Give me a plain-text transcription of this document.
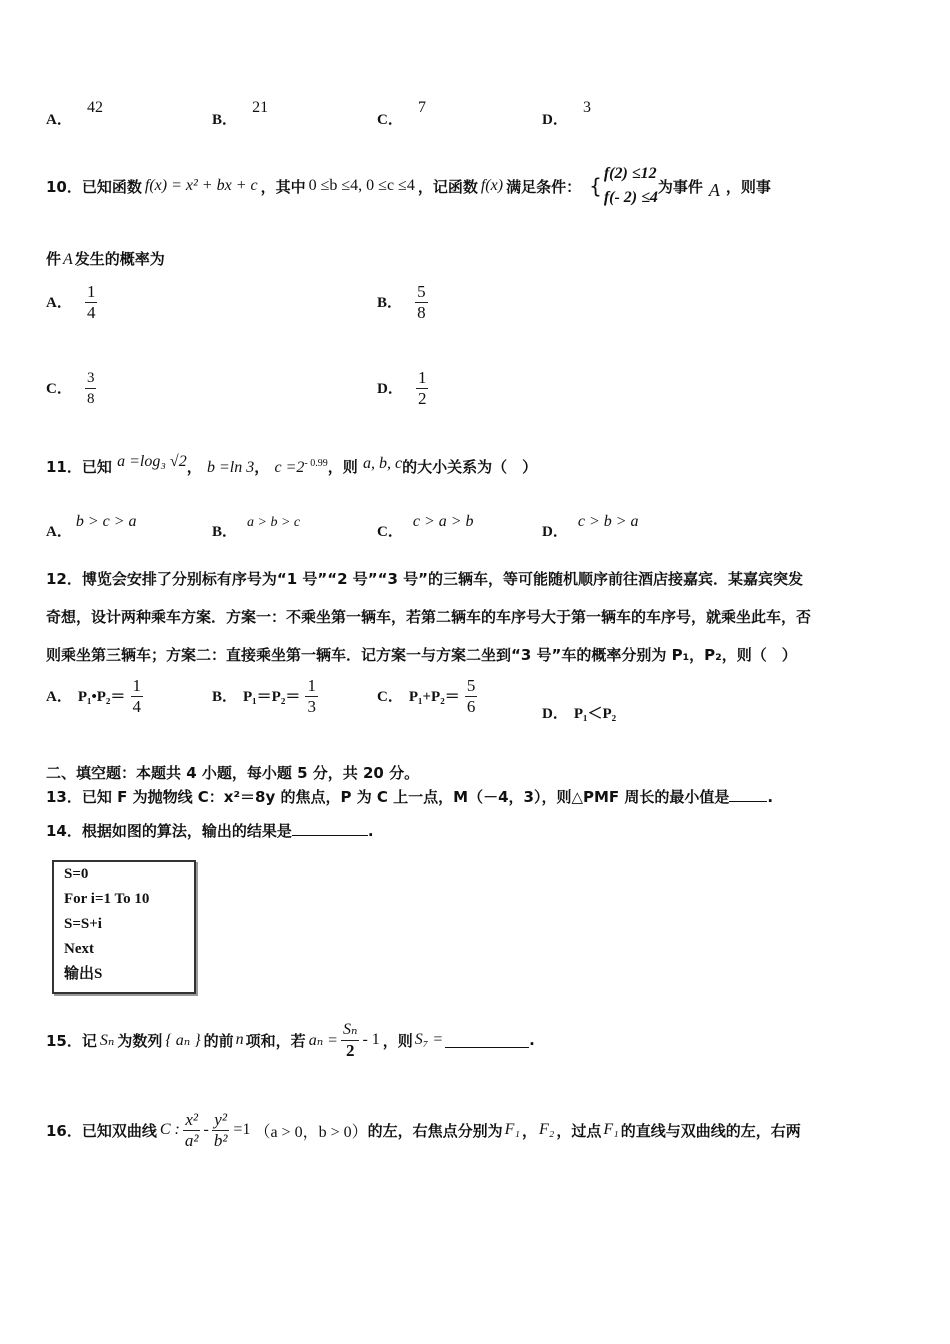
A． 42
B． 21
C． 7
D． 3
10． 已知函数 f(x) = x² + bx + c ，其中 0 ≤b ≤4, 0 ≤c ≤4 ，记函数 f(x) 满足条件： {
f(2) ≤12
f(- 2) ≤4
为事件 A ，则事
件 A 发生的概率为
A． $\frac{1}{4}$	B． $\frac{5}{8}$
C． $\frac{3}{8}$	D． $\frac{1}{2}$
11．已知 a =log₃ √2， b =ln 3， $c =2^{- 0.99}$，则 a, b, c的大小关系为（　）
A．b > c > a
B．a > b > c
C．c > a > b
D．c > b > a
12．博览会安排了分别标有序号为“1 号”“2 号”“3 号”的三辆车，等可能随机顺序前往酒店接嘉宾．某嘉宾突发
奇想，设计两种乘车方案．方案一：不乘坐第一辆车，若第二辆车的车序号大于第一辆车的车序号，就乘坐此车，否
则乘坐第三辆车；方案二：直接乘坐第一辆车．记方案一与方案二坐到“3 号”车的概率分别为 P₁，P₂，则（　）
A． P₁•P₂＝ $\frac{1}{4}$	B． $P_1=P_2= \frac{1}{3}$	C． $P_1+P_2= \frac{5}{6}$	D． P₁＜P₂
二、填空题：本题共 4 小题，每小题 5 分，共 20 分。
13．已知 F 为抛物线 C：x²＝8y 的焦点，P 为 C 上一点，M（－4，3），则△PMF 周长的最小值是	.
14．根据如图的算法，输出的结果是	.
S=0
For i=1 To 10
S=S+i
Next
输出S
15．记 Sₙ 为数列 { aₙ } 的前 n 项和，若 $a_n = \frac{\text{Sₙ}}{2} - 1$ ，则 S₇ =	.
16．已知双曲线 C : $\frac{\text{x²}}{\text{a²}} - \frac{\text{y²}}{\text{b²}} =1$ （a > 0，b > 0） 的左，右焦点分别为 F₁ ， F₂ ，过点 F₁ 的直线与双曲线的左，右两
